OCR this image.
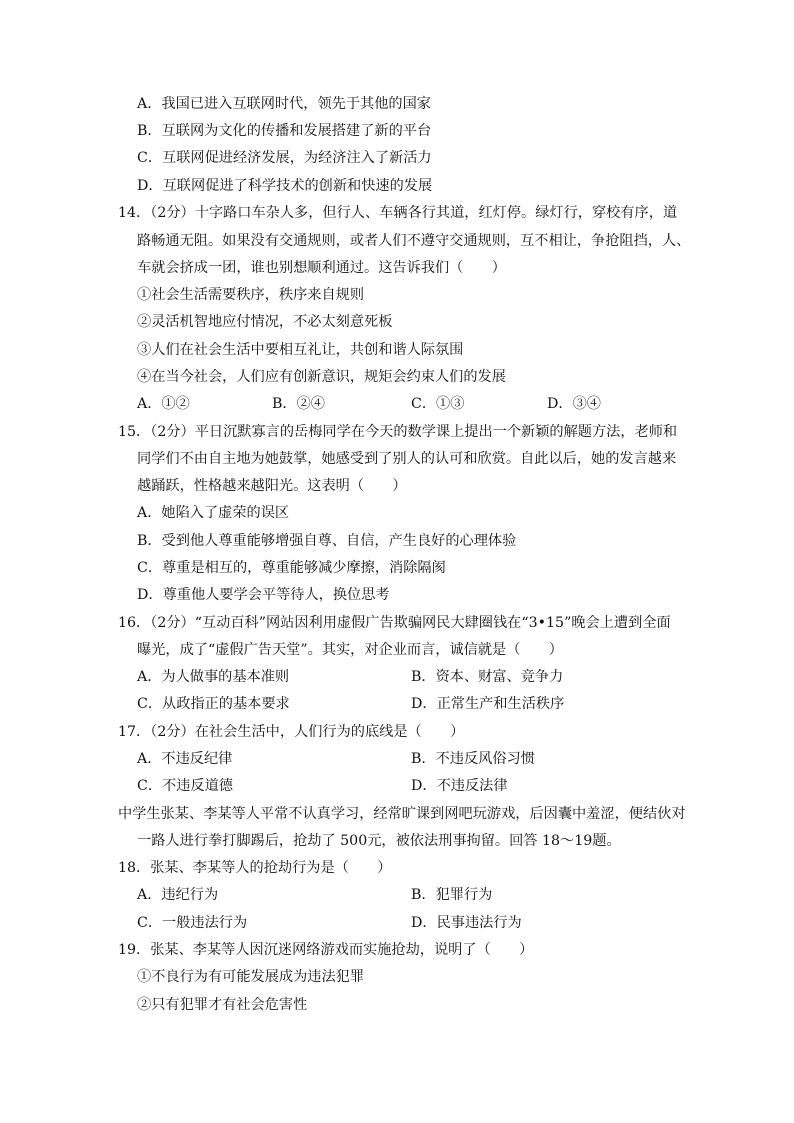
A．我国已进入互联网时代，领先于其他的国家
B．互联网为文化的传播和发展搭建了新的平台
C．互联网促进经济发展，为经济注入了新活力
D．互联网促进了科学技术的创新和快速的发展
14．（2分）十字路口车杂人多，但行人、车辆各行其道，红灯停。绿灯行，穿校有序，道
路畅通无阻。如果没有交通规则，或者人们不遵守交通规则，互不相让，争抢阻挡，人、
车就会挤成一团，谁也别想顺利通过。这告诉我们（　　）
①社会生活需要秩序，秩序来自规则
②灵活机智地应付情况，不必太刻意死板
③人们在社会生活中要相互礼让，共创和谐人际氛围
④在当今社会，人们应有创新意识，规矩会约束人们的发展
A．①②	B．②④	C．①③	D．③④
15．（2分）平日沉默寡言的岳梅同学在今天的数学课上提出一个新颖的解题方法，老师和
同学们不由自主地为她鼓掌，她感受到了别人的认可和欣赏。自此以后，她的发言越来
越踊跃，性格越来越阳光。这表明（　　）
A．她陷入了虚荣的误区
B．受到他人尊重能够增强自尊、自信，产生良好的心理体验
C．尊重是相互的，尊重能够减少摩擦，消除隔阂
D．尊重他人要学会平等待人，换位思考
16．（2分）“互动百科”网站因利用虚假广告欺骗网民大肆圈钱在“3•15”晚会上遭到全面
曝光，成了“虚假广告天堂”。其实，对企业而言，诚信就是（　　）
A．为人做事的基本准则	B．资本、财富、竞争力
C．从政指正的基本要求	D．正常生产和生活秩序
17．（2分）在社会生活中，人们行为的底线是（　　）
A．不违反纪律	B．不违反风俗习惯
C．不违反道德	D．不违反法律
中学生张某、李某等人平常不认真学习，经常旷课到网吧玩游戏，后因囊中羞涩，便结伙对
一路人进行拳打脚踢后，抢劫了 500元，被依法刑事拘留。回答 18～19题。
18．张某、李某等人的抢劫行为是（　　）
A．违纪行为	B．犯罪行为
C．一般违法行为	D．民事违法行为
19．张某、李某等人因沉迷网络游戏而实施抢劫，说明了（　　）
①不良行为有可能发展成为违法犯罪
②只有犯罪才有社会危害性
